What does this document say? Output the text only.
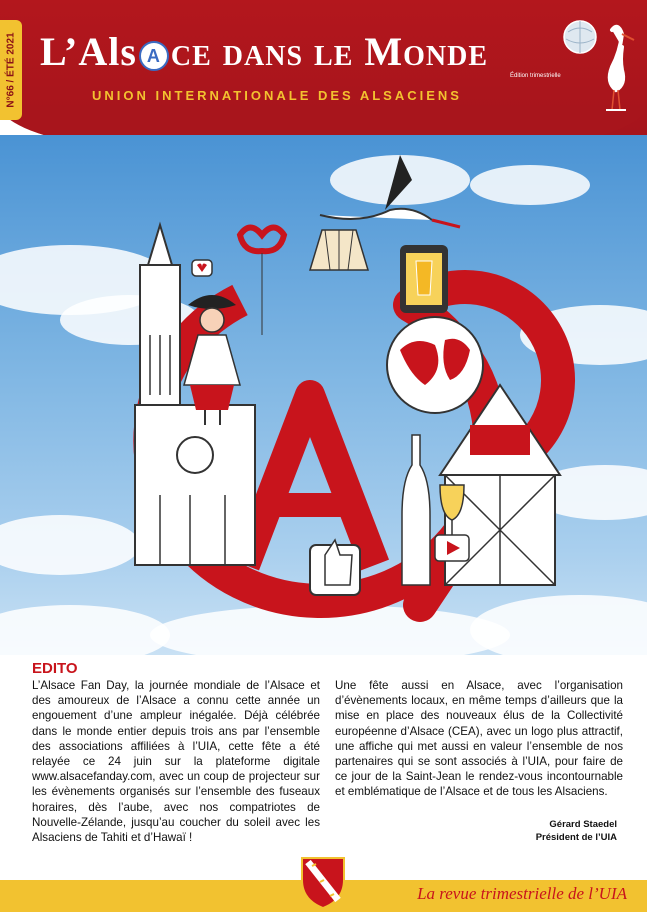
N°66 / ÉTÉ 2021 L’Als A ce dans le Monde
UNION INTERNATIONALE DES ALSACIENS
Édition trimestrielle
EDITO
L’Alsace Fan Day, la journée mondiale de l’Alsace et des amoureux de l’Alsace a connu cette année un engouement d’une ampleur inégalée. Déjà célébrée dans le monde entier depuis trois ans par l’ensemble des associations affiliées à l’UIA, cette fête a été relayée ce 24 juin sur la plateforme digitale www.alsacefanday.com, avec un coup de projecteur sur les évènements organisés sur l’ensemble des fuseaux horaires, dès l’aube, avec nos compatriotes de Nouvelle-Zélande, jusqu’au coucher du soleil avec les Alsaciens de Tahiti et d’Hawaï !
Une fête aussi en Alsace, avec l’organisation d’évènements locaux, en même temps d’ailleurs que la mise en place des nouveaux élus de la Collectivité européenne d’Alsace (CEA), avec un logo plus attractif, une affiche qui met aussi en valeur l’ensemble de nos partenaires qui se sont associés à l’UIA, pour faire de ce jour de la Saint-Jean le rendez-vous incontournable et emblématique de l’Alsace et de tous les Alsaciens.
Gérard Staedel
Président de l’UIA
La revue trimestrielle de l’UIA
